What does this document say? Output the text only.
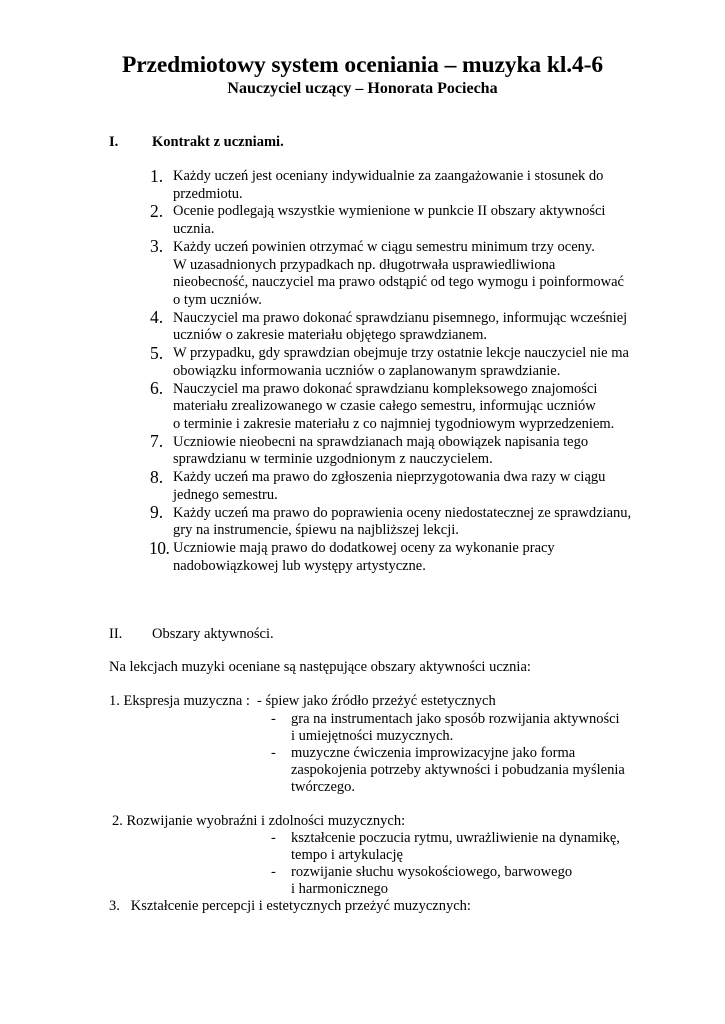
Przedmiotowy system oceniania – muzyka kl.4-6
Nauczyciel uczący – Honorata Pociecha
I. Kontrakt z uczniami.
1. Każdy uczeń jest oceniany indywidualnie za zaangażowanie i stosunek do
przedmiotu.
2. Ocenie podlegają wszystkie wymienione w punkcie II obszary aktywności
ucznia.
3. Każdy uczeń powinien otrzymać w ciągu semestru minimum trzy oceny.
W uzasadnionych przypadkach np. długotrwała usprawiedliwiona
nieobecność, nauczyciel ma prawo odstąpić od tego wymogu i poinformować
o tym uczniów.
4. Nauczyciel ma prawo dokonać sprawdzianu pisemnego, informując wcześniej
uczniów o zakresie materiału objętego sprawdzianem.
5. W przypadku, gdy sprawdzian obejmuje trzy ostatnie lekcje nauczyciel nie ma
obowiązku informowania uczniów o zaplanowanym sprawdzianie.
6. Nauczyciel ma prawo dokonać sprawdzianu kompleksowego znajomości
materiału zrealizowanego w czasie całego semestru, informując uczniów
o terminie i zakresie materiału z co najmniej tygodniowym wyprzedzeniem.
7. Uczniowie nieobecni na sprawdzianach mają obowiązek napisania tego
sprawdzianu w terminie uzgodnionym z nauczycielem.
8. Każdy uczeń ma prawo do zgłoszenia nieprzygotowania dwa razy w ciągu
jednego semestru.
9. Każdy uczeń ma prawo do poprawienia oceny niedostatecznej ze sprawdzianu,
gry na instrumencie, śpiewu na najbliższej lekcji.
10. Uczniowie mają prawo do dodatkowej oceny za wykonanie pracy
nadobowiązkowej lub występy artystyczne.
II. Obszary aktywności.
Na lekcjach muzyki oceniane są następujące obszary aktywności ucznia:
1. Ekspresja muzyczna : - śpiew jako źródło przeżyć estetycznych
- gra na instrumentach jako sposób rozwijania aktywności
i umiejętności muzycznych.
- muzyczne ćwiczenia improwizacyjne jako forma
zaspokojenia potrzeby aktywności i pobudzania myślenia
twórczego.
2. Rozwijanie wyobraźni i zdolności muzycznych:
- kształcenie poczucia rytmu, uwrażliwienie na dynamikę,
tempo i artykulację
- rozwijanie słuchu wysokościowego, barwowego
i harmonicznego
3.   Kształcenie percepcji i estetycznych przeżyć muzycznych:
